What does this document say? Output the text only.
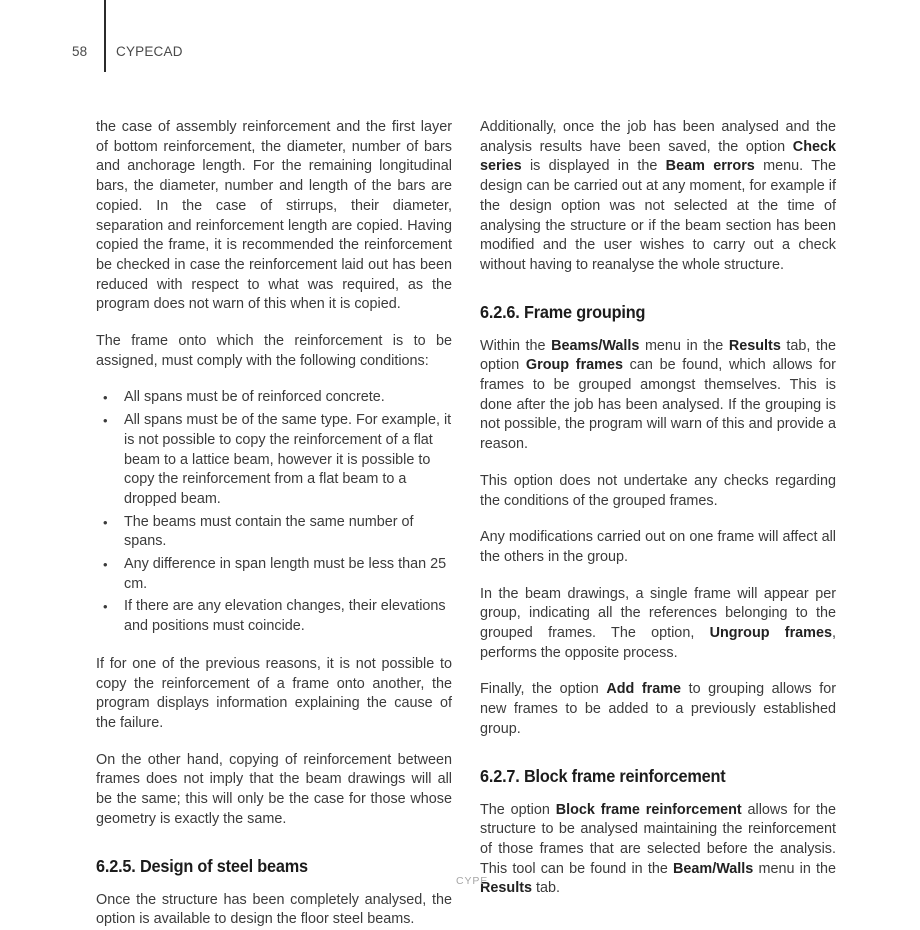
58 CYPECAD

the case of assembly reinforcement and the first layer of bottom reinforcement, the diameter, number of bars and anchorage length. For the remaining longitudinal bars, the diameter, number and length of the bars are copied. In the case of stirrups, their diameter, separation and reinforcement length are copied. Having copied the frame, it is recommended the reinforcement be checked in case the reinforcement laid out has been reduced with respect to what was required, as the program does not warn of this when it is copied.

The frame onto which the reinforcement is to be assigned, must comply with the following conditions:

• All spans must be of reinforced concrete.
• All spans must be of the same type. For example, it is not possible to copy the reinforcement of a flat beam to a lattice beam, however it is possible to copy the reinforcement from a flat beam to a dropped beam.
• The beams must contain the same number of spans.
• Any difference in span length must be less than 25 cm.
• If there are any elevation changes, their elevations and positions must coincide.

If for one of the previous reasons, it is not possible to copy the reinforcement of a frame onto another, the program displays information explaining the cause of the failure.

On the other hand, copying of reinforcement between frames does not imply that the beam drawings will all be the same; this will only be the case for those whose geometry is exactly the same.

6.2.5. Design of steel beams

Once the structure has been completely analysed, the option is available to design the floor steel beams.

Additionally, once the job has been analysed and the analysis results have been saved, the option Check series is displayed in the Beam errors menu. The design can be carried out at any moment, for example if the design option was not selected at the time of analysing the structure or if the beam section has been modified and the user wishes to carry out a check without having to reanalyse the whole structure.

6.2.6. Frame grouping

Within the Beams/Walls menu in the Results tab, the option Group frames can be found, which allows for frames to be grouped amongst themselves. This is done after the job has been analysed. If the grouping is not possible, the program will warn of this and provide a reason.

This option does not undertake any checks regarding the conditions of the grouped frames.

Any modifications carried out on one frame will affect all the others in the group.

In the beam drawings, a single frame will appear per group, indicating all the references belonging to the grouped frames. The option, Ungroup frames, performs the opposite process.

Finally, the option Add frame to grouping allows for new frames to be added to a previously established group.

6.2.7. Block frame reinforcement

The option Block frame reinforcement allows for the structure to be analysed maintaining the reinforcement of those frames that are selected before the analysis. This tool can be found in the Beam/Walls menu in the Results tab.

CYPE
